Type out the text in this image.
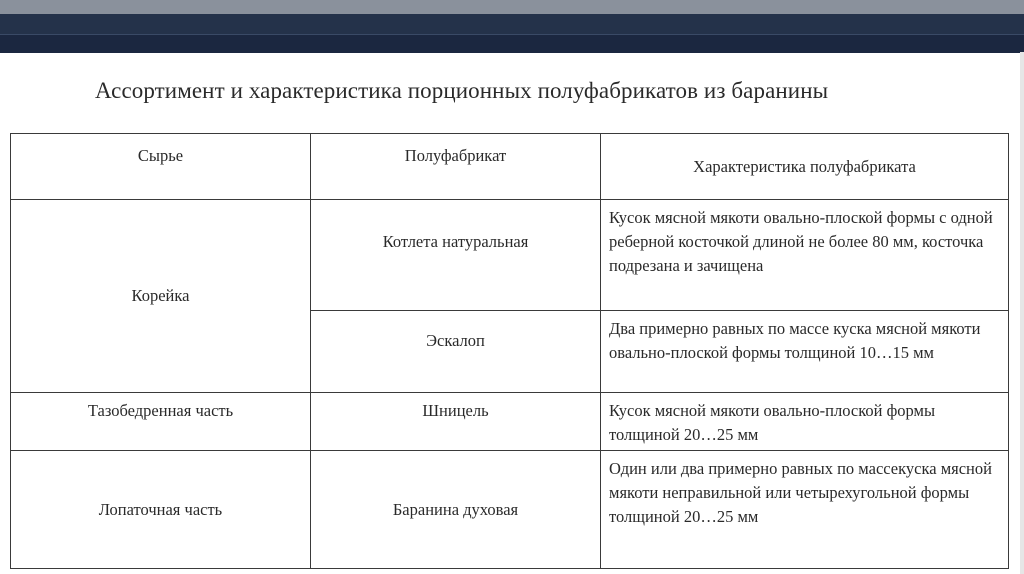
Ассортимент и характеристика порционных полуфабрикатов из баранины
Сырье	Полуфабрикат	Характеристика полуфабриката
Корейка	Котлета натуральная	Кусок мясной мякоти овально-плоской формы с одной реберной косточкой длиной не более 80 мм, косточка подрезана и зачищена
	Эскалоп	Два примерно равных по массе куска мясной мякоти овально-плоской формы толщиной 10…15 мм
Тазобедренная часть	Шницель	Кусок мясной мякоти овально-плоской формы толщиной 20…25 мм
Лопаточная часть	Баранина духовая	Один или два примерно равных по массекуска мясной мякоти неправильной или четырехугольной формы толщиной 20…25 мм
